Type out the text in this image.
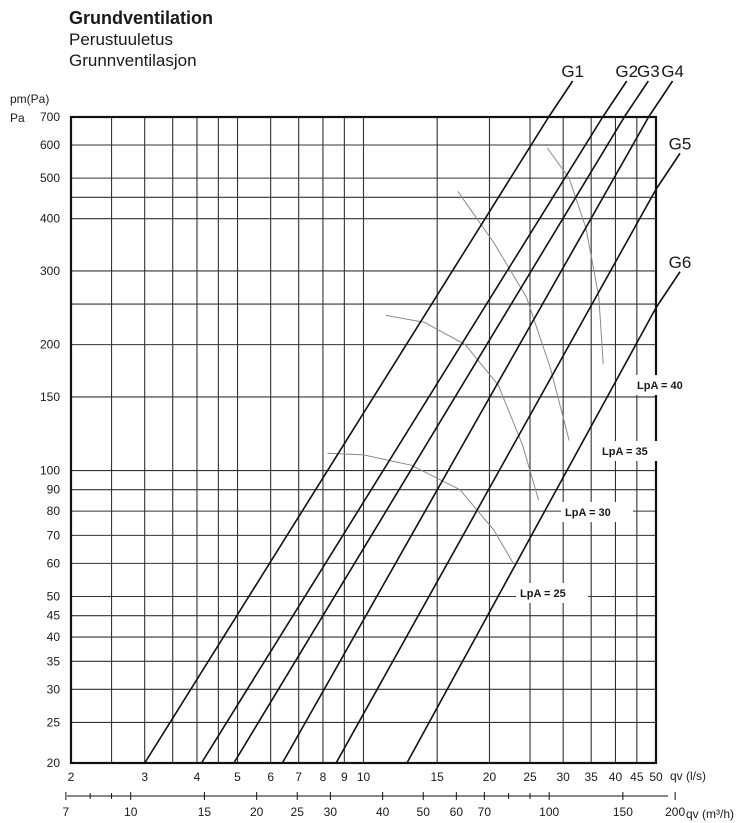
Grundventilation
Perustuuletus
Grunnventilasjon
20
25
30
35
40
45
50
60
70
80
90
100
150
200
300
400
500
600
700
2	3	4	5 6 7 8 9 10	15	20 25 30 35 40 45 50
7	10	15	20 25 30	40 50 60 70	100	150	200
G1 G2
G3 G4
G5
G6
LpA = 25
LpA = 30
LpA = 35
LpA = 40
pm(Pa)
Pa
qv (l/s)
qv (m³/h)
